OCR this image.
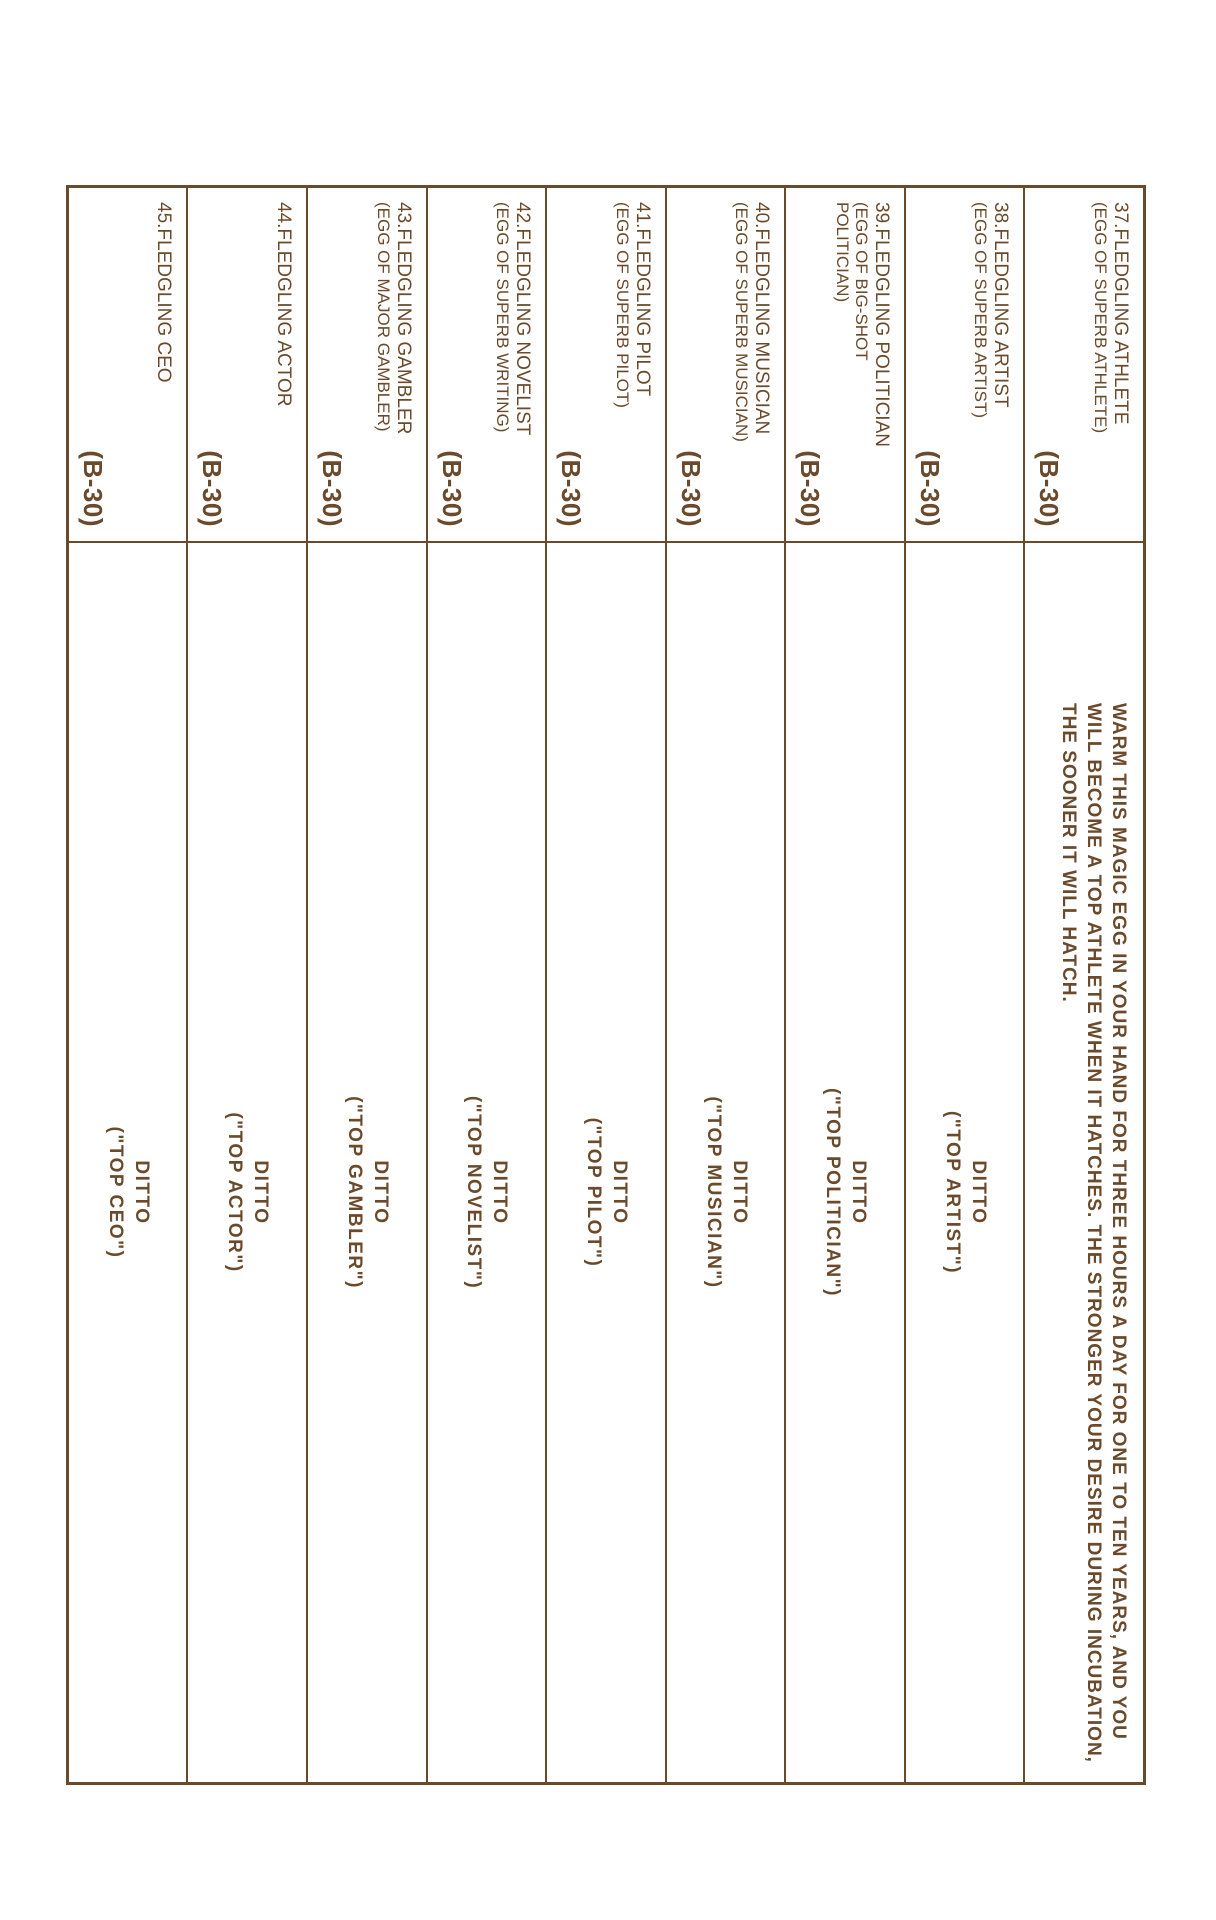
37.FLEDGLING ATHLETE

(EGG OF SUPERB ATHLETE)

(B-30)
WARM THIS MAGIC EGG IN YOUR HAND FOR THREE HOURS A DAY FOR ONE TO TEN YEARS, AND YOU WILL BECOME A TOP ATHLETE WHEN IT HATCHES. THE STRONGER YOUR DESIRE DURING INCUBATION, THE SOONER IT WILL HATCH.

38.FLEDGLING ARTIST

(EGG OF SUPERB ARTIST)

(B-30)
DITTO
("TOP ARTIST")

39.FLEDGLING POLITICIAN

(EGG OF BIG-SHOT
POLITICIAN)

(B-30)
DITTO
("TOP POLITICIAN")

40.FLEDGLING MUSICIAN

(EGG OF SUPERB MUSICIAN)

(B-30)
DITTO
("TOP MUSICIAN")

41.FLEDGLING PILOT

(EGG OF SUPERB PILOT)

(B-30)
DITTO
("TOP PILOT")

42.FLEDGLING NOVELIST

(EGG OF SUPERB WRITING)

(B-30)
DITTO
("TOP NOVELIST")

43.FLEDGLING GAMBLER

(EGG OF MAJOR GAMBLER)

(B-30)
DITTO
("TOP GAMBLER")

44.FLEDGLING ACTOR

(B-30)
DITTO
("TOP ACTOR")

45.FLEDGLING CEO

(B-30)
DITTO
("TOP CEO")
